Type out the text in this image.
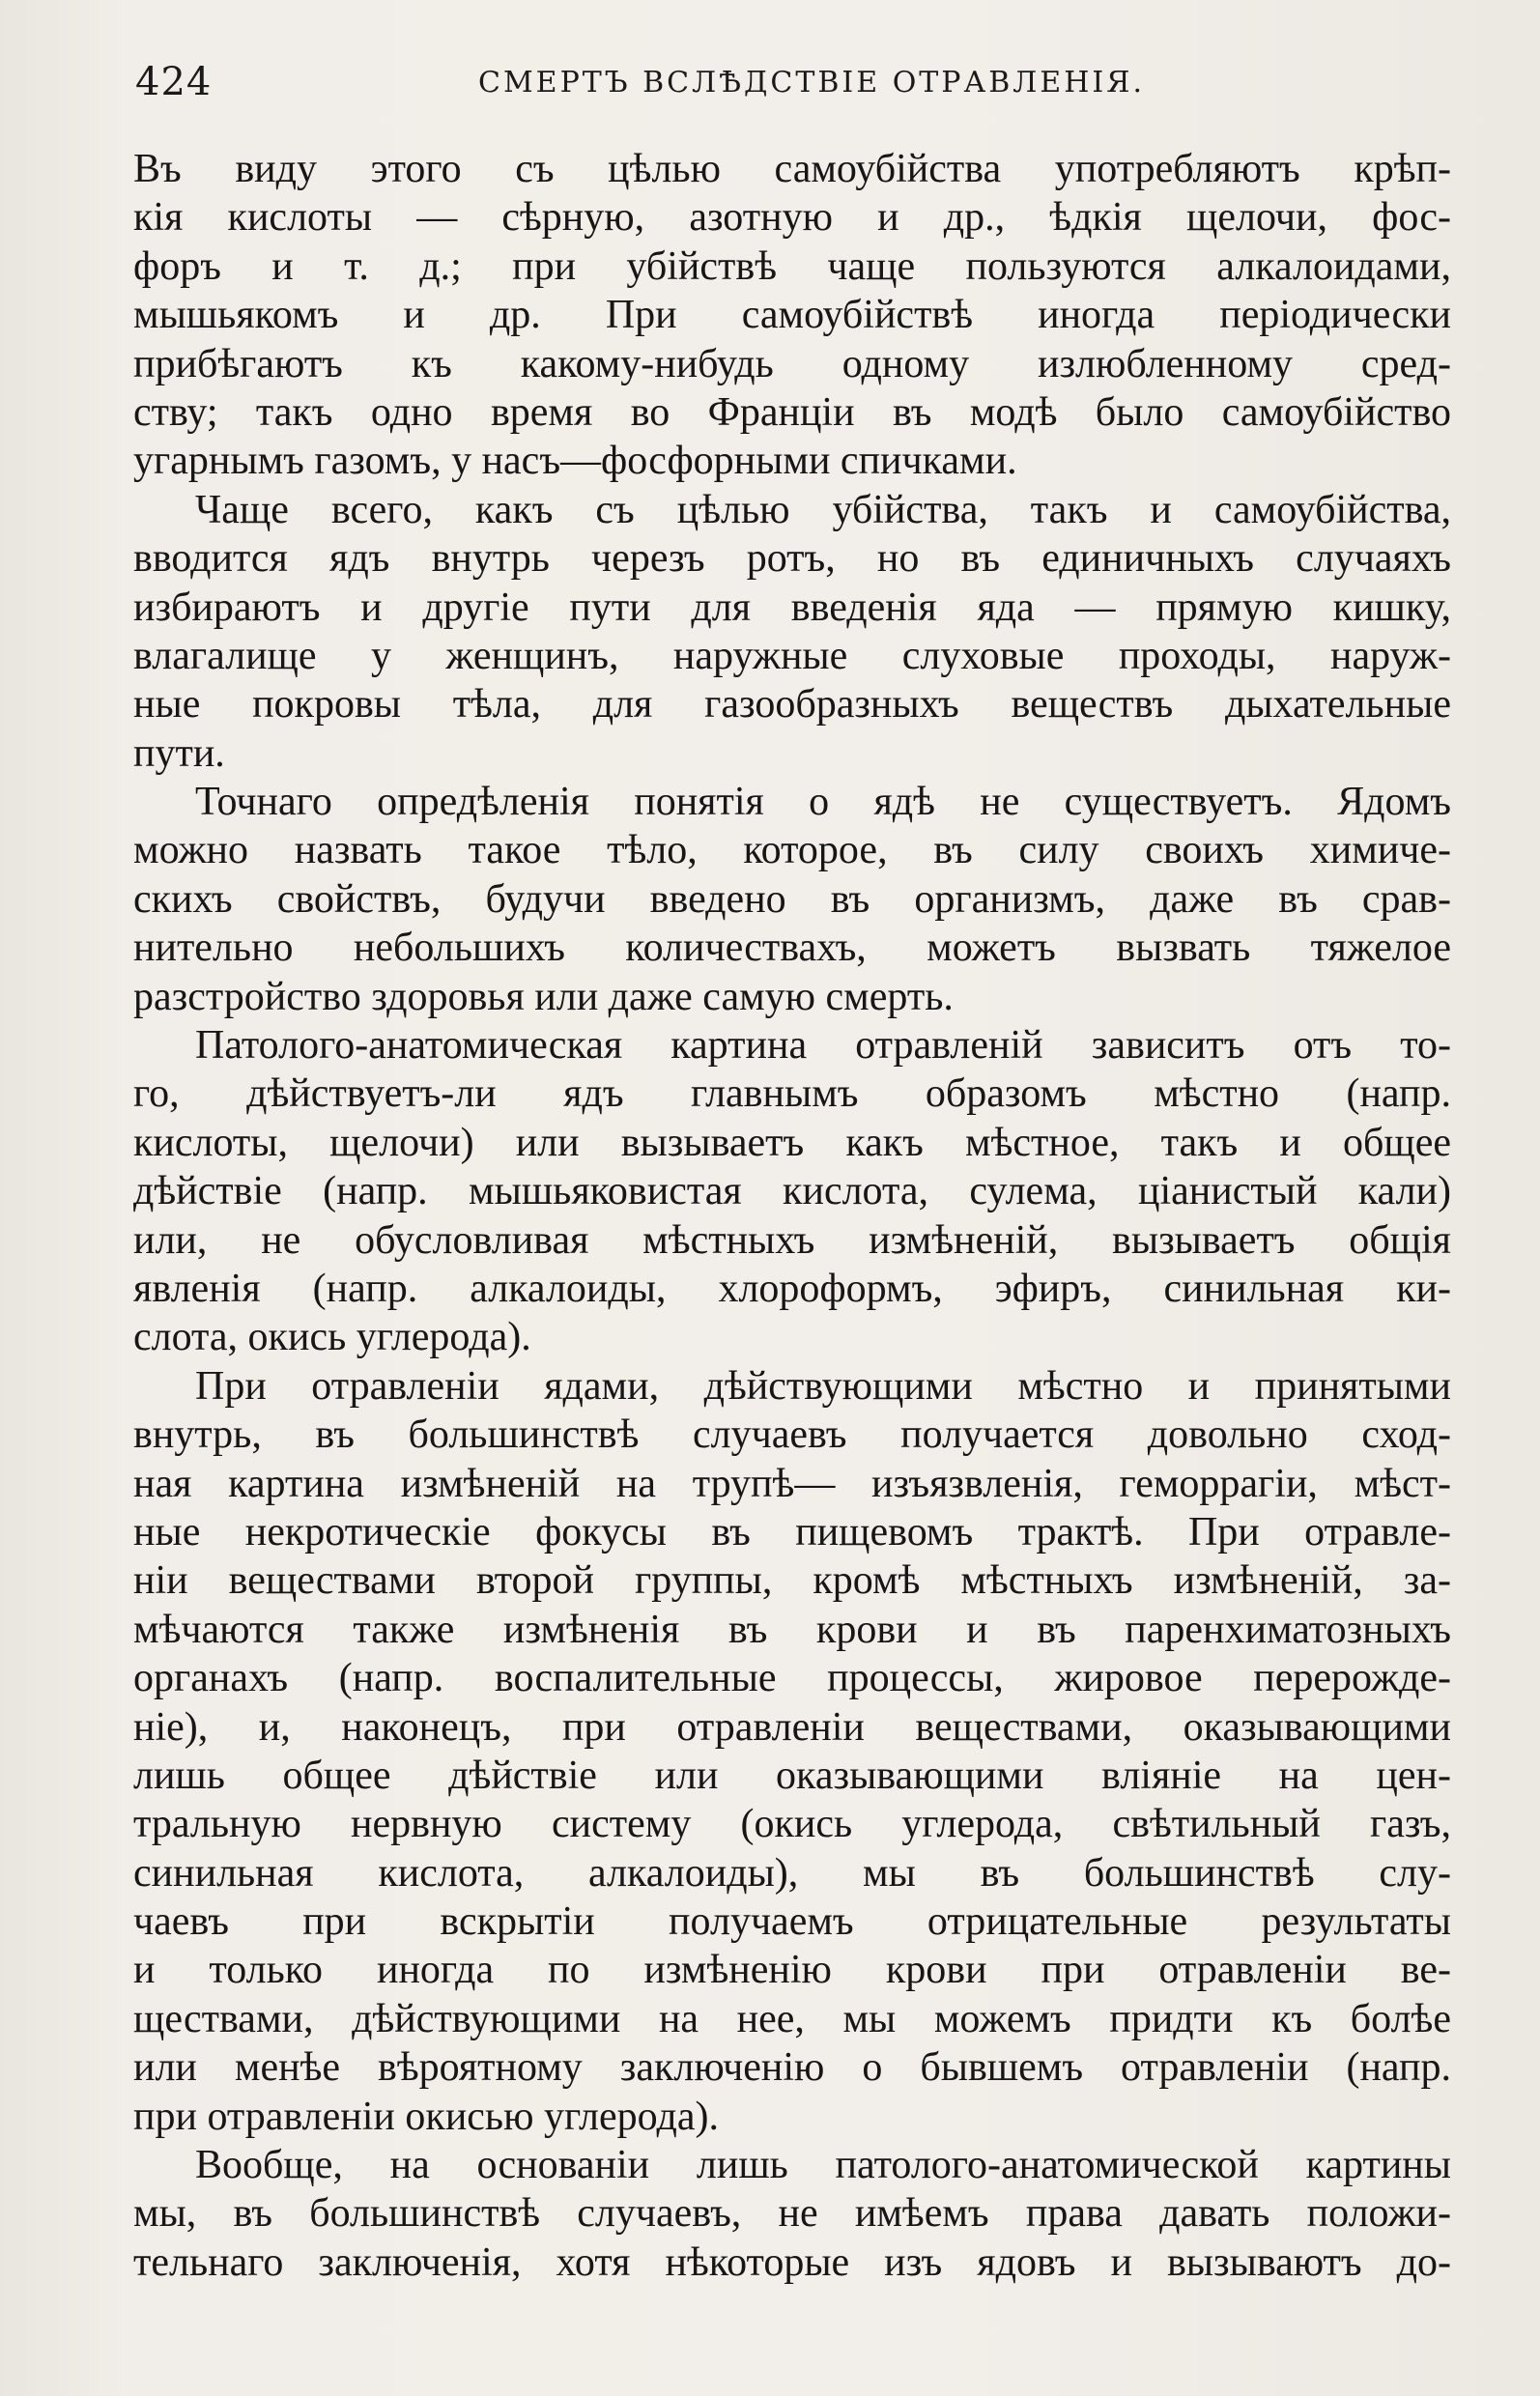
424	СМЕРТЪ ВСЛѢДСТВІЕ ОТРАВЛЕНІЯ.
Въ виду этого съ цѣлью самоубійства употребляютъ крѣп-
кія кислоты — сѣрную, азотную и др., ѣдкія щелочи, фос-
форъ и т. д.; при убійствѣ чаще пользуются алкалоидами,
мышьякомъ и др. При самоубійствѣ иногда періодически
прибѣгаютъ къ какому-нибудь одному излюбленному сред-
ству; такъ одно время во Франціи въ модѣ было самоубійство
угарнымъ газомъ, у насъ—фосфорными спичками.
Чаще всего, какъ съ цѣлью убійства, такъ и самоубійства,
вводится ядъ внутрь черезъ ротъ, но въ единичныхъ случаяхъ
избираютъ и другіе пути для введенія яда — прямую кишку,
влагалище у женщинъ, наружные слуховые проходы, наруж-
ные покровы тѣла, для газообразныхъ веществъ дыхательные
пути.
Точнаго опредѣленія понятія о ядѣ не существуетъ. Ядомъ
можно назвать такое тѣло, которое, въ силу своихъ химиче-
скихъ свойствъ, будучи введено въ организмъ, даже въ срав-
нительно небольшихъ количествахъ, можетъ вызвать тяжелое
разстройство здоровья или даже самую смерть.
Патолого-анатомическая картина отравленій зависитъ отъ то-
го, дѣйствуетъ-ли ядъ главнымъ образомъ мѣстно (напр.
кислоты, щелочи) или вызываетъ какъ мѣстное, такъ и общее
дѣйствіе (напр. мышьяковистая кислота, сулема, ціанистый кали)
или, не обусловливая мѣстныхъ измѣненій, вызываетъ общія
явленія (напр. алкалоиды, хлороформъ, эфиръ, синильная ки-
слота, окись углерода).
При отравленіи ядами, дѣйствующими мѣстно и принятыми
внутрь, въ большинствѣ случаевъ получается довольно сход-
ная картина измѣненій на трупѣ— изъязвленія, геморрагіи, мѣст-
ные некротическіе фокусы въ пищевомъ трактѣ. При отравле-
ніи веществами второй группы, кромѣ мѣстныхъ измѣненій, за-
мѣчаются также измѣненія въ крови и въ паренхиматозныхъ
органахъ (напр. воспалительные процессы, жировое перерожде-
ніе), и, наконецъ, при отравленіи веществами, оказывающими
лишь общее дѣйствіе или оказывающими вліяніе на цен-
тральную нервную систему (окись углерода, свѣтильный газъ,
синильная кислота, алкалоиды), мы въ большинствѣ слу-
чаевъ при вскрытіи получаемъ отрицательные результаты
и только иногда по измѣненію крови при отравленіи ве-
ществами, дѣйствующими на нее, мы можемъ придти къ болѣе
или менѣе вѣроятному заключенію о бывшемъ отравленіи (напр.
при отравленіи окисью углерода).
Вообще, на основаніи лишь патолого-анатомической картины
мы, въ большинствѣ случаевъ, не имѣемъ права давать положи-
тельнаго заключенія, хотя нѣкоторые изъ ядовъ и вызываютъ до-
